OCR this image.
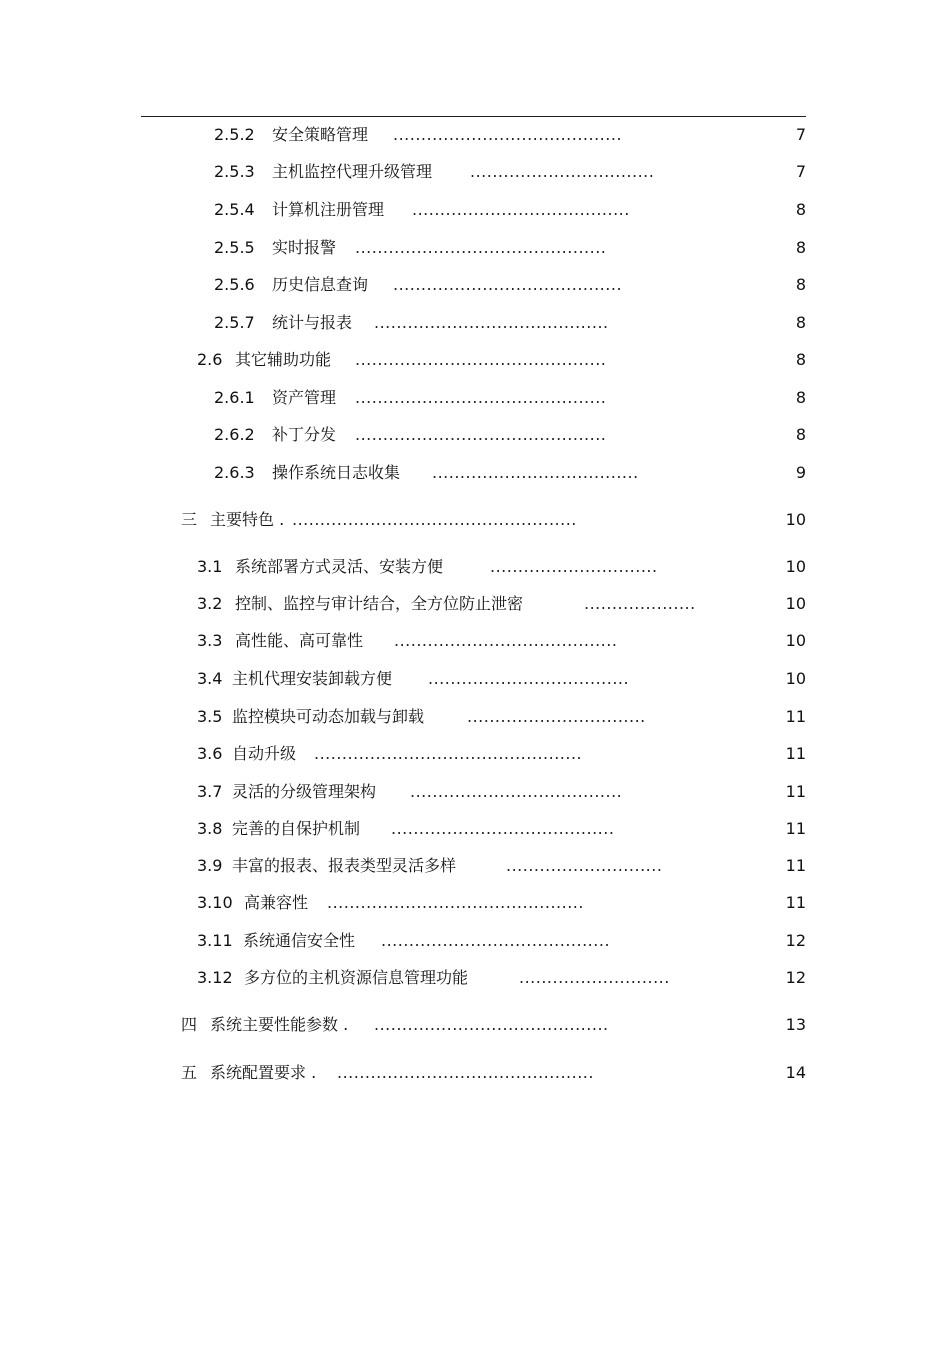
2.5.2 安全策略管理 .........................................	7
2.5.3 主机监控代理升级管理 .................................	7
2.5.4 计算机注册管理 .......................................	8
2.5.5 实时报警 .............................................	8
2.5.6 历史信息查询 .........................................	8
2.5.7 统计与报表 ..........................................	8
2.6 其它辅助功能 .............................................	8
2.6.1 资产管理 .............................................	8
2.6.2 补丁分发 .............................................	8
2.6.3 操作系统日志收集 .....................................	9
三 主要特色 . ...................................................	10
3.1 系统部署方式灵活、安装方便	..............................	10
3.2 控制、监控与审计结合，全方位防止泄密	....................	10
3.3 高性能、高可靠性 ........................................	10
3.4 主机代理安装卸载方便 ....................................	10
3.5 监控模块可动态加载与卸载	................................	11
3.6 自动升级 ................................................	11
3.7 灵活的分级管理架构 ......................................	11
3.8 完善的自保护机制 ........................................	11
3.9 丰富的报表、报表类型灵活多样	............................	11
3.10 高兼容性 ..............................................	11
3.11 系统通信安全性 .........................................	12
3.12 多方位的主机资源信息管理功能	...........................	12
四 系统主要性能参数 . ..........................................	13
五 系统配置要求 . ..............................................	14
